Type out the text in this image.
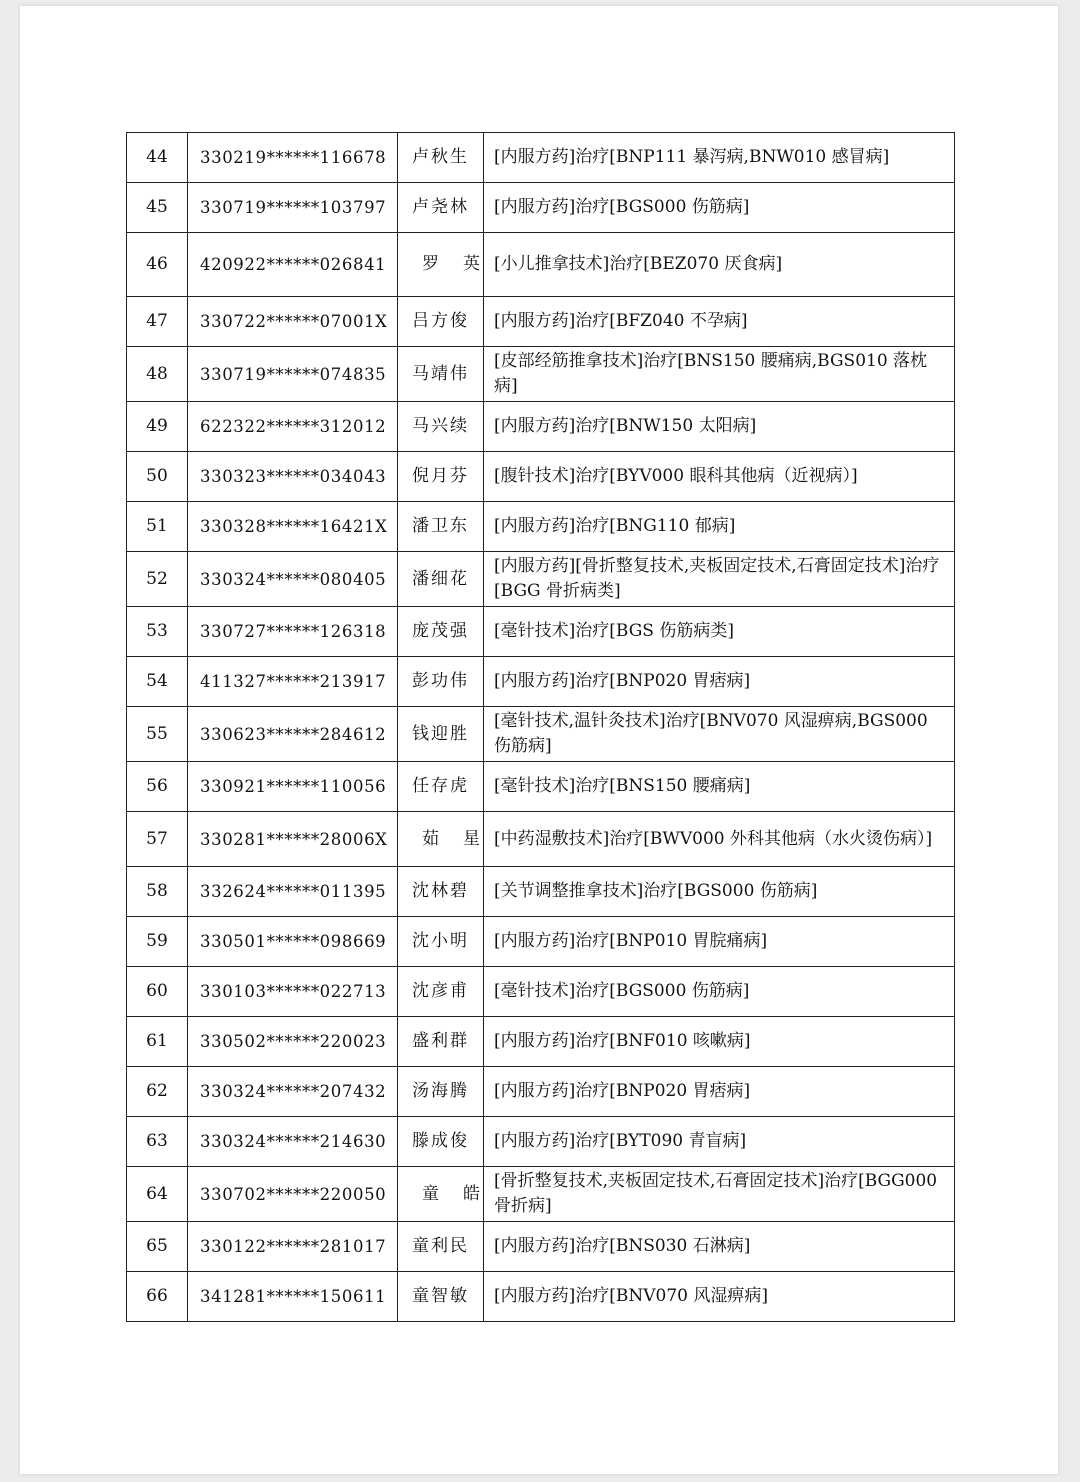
44	330219******116678	卢秋生	[内服方药]治疗[BNP111 暴泻病,BNW010 感冒病]
45	330719******103797	卢尧林	[内服方药]治疗[BGS000 伤筋病]
46	420922******026841	罗英	[小儿推拿技术]治疗[BEZ070 厌食病]
47	330722******07001X	吕方俊	[内服方药]治疗[BFZ040 不孕病]
48	330719******074835	马靖伟	[皮部经筋推拿技术]治疗[BNS150 腰痛病,BGS010 落枕病]
49	622322******312012	马兴续	[内服方药]治疗[BNW150 太阳病]
50	330323******034043	倪月芬	[腹针技术]治疗[BYV000 眼科其他病（近视病）]
51	330328******16421X	潘卫东	[内服方药]治疗[BNG110 郁病]
52	330324******080405	潘细花	[内服方药][骨折整复技术,夹板固定技术,石膏固定技术]治疗[BGG 骨折病类]
53	330727******126318	庞茂强	[毫针技术]治疗[BGS 伤筋病类]
54	411327******213917	彭功伟	[内服方药]治疗[BNP020 胃痞病]
55	330623******284612	钱迎胜	[毫针技术,温针灸技术]治疗[BNV070 风湿痹病,BGS000 伤筋病]
56	330921******110056	任存虎	[毫针技术]治疗[BNS150 腰痛病]
57	330281******28006X	茹星	[中药湿敷技术]治疗[BWV000 外科其他病（水火烫伤病）]
58	332624******011395	沈林碧	[关节调整推拿技术]治疗[BGS000 伤筋病]
59	330501******098669	沈小明	[内服方药]治疗[BNP010 胃脘痛病]
60	330103******022713	沈彦甫	[毫针技术]治疗[BGS000 伤筋病]
61	330502******220023	盛利群	[内服方药]治疗[BNF010 咳嗽病]
62	330324******207432	汤海腾	[内服方药]治疗[BNP020 胃痞病]
63	330324******214630	滕成俊	[内服方药]治疗[BYT090 青盲病]
64	330702******220050	童皓	[骨折整复技术,夹板固定技术,石膏固定技术]治疗[BGG000 骨折病]
65	330122******281017	童利民	[内服方药]治疗[BNS030 石淋病]
66	341281******150611	童智敏	[内服方药]治疗[BNV070 风湿痹病]
